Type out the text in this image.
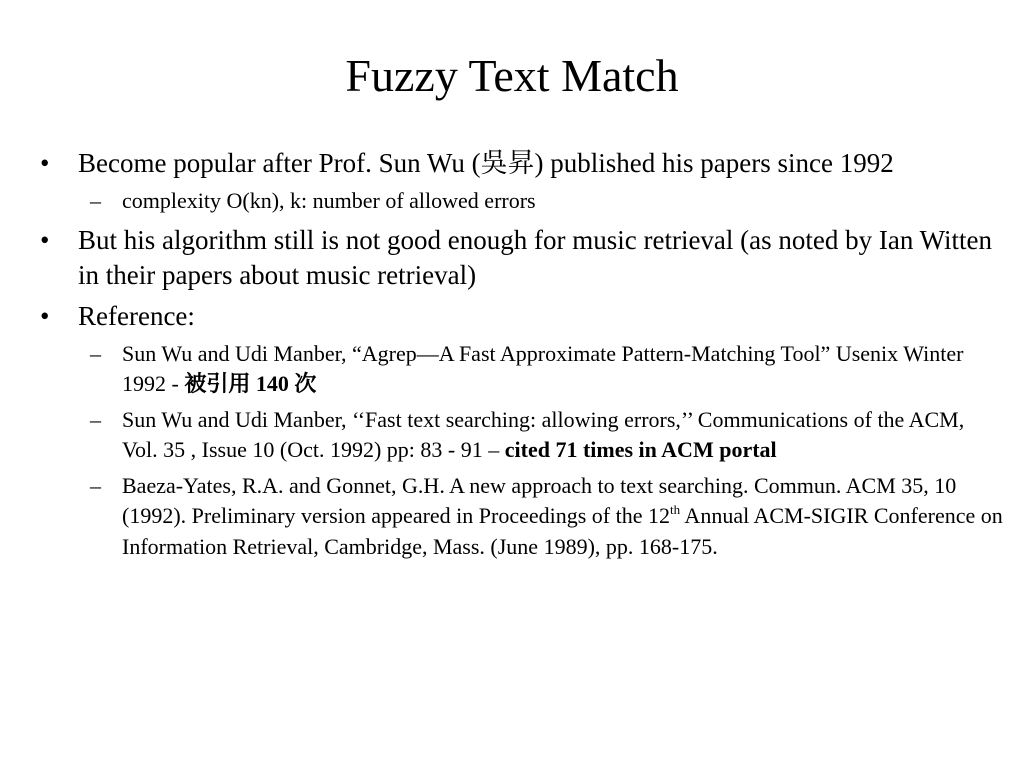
Fuzzy Text Match
• Become popular after Prof. Sun Wu (吳昇) published his papers since 1992
– complexity O(kn), k: number of allowed errors
• But his algorithm still is not good enough for music retrieval (as noted by Ian Witten in their papers about music retrieval)
• Reference:
– Sun Wu and Udi Manber, “Agrep—A Fast Approximate Pattern-Matching Tool” Usenix Winter 1992 - 被引用 140 次
– Sun Wu and Udi Manber, ‘‘Fast text searching: allowing errors,’’ Communications of the ACM, Vol. 35 , Issue 10 (Oct. 1992) pp: 83 - 91 – cited 71 times in ACM portal
– Baeza-Yates, R.A. and Gonnet, G.H. A new approach to text searching. Commun. ACM 35, 10 (1992). Preliminary version appeared in Proceedings of the 12th Annual ACM-SIGIR Conference on Information Retrieval, Cambridge, Mass. (June 1989), pp. 168-175.
